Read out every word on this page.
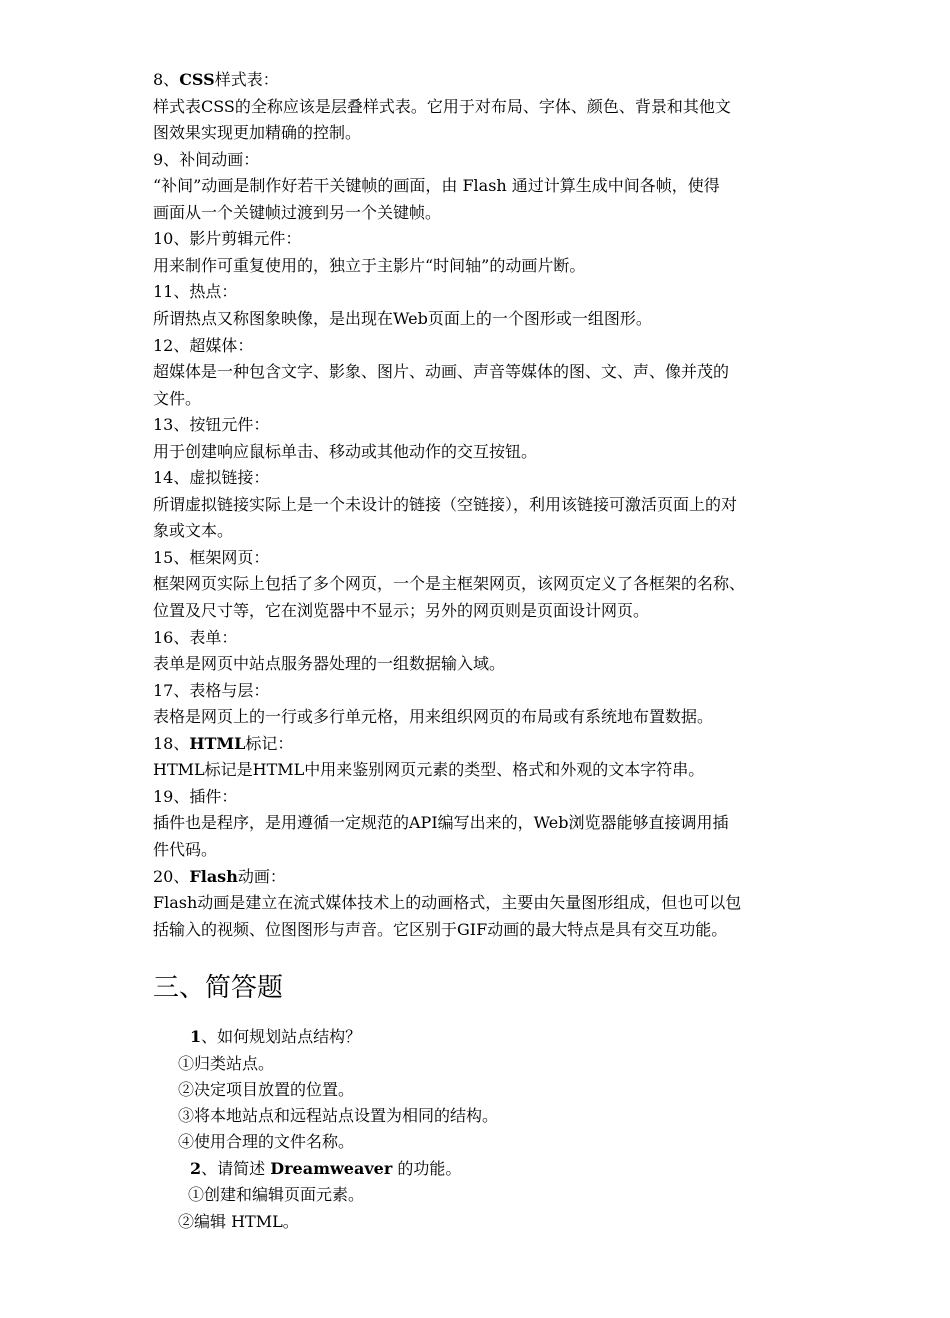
8、CSS样式表：
样式表CSS的全称应该是层叠样式表。它用于对布局、字体、颜色、背景和其他文
图效果实现更加精确的控制。
9、补间动画：
“补间”动画是制作好若干关键帧的画面，由 Flash 通过计算生成中间各帧，使得
画面从一个关键帧过渡到另一个关键帧。
10、影片剪辑元件：
用来制作可重复使用的，独立于主影片“时间轴”的动画片断。
11、热点：
所谓热点又称图象映像，是出现在Web页面上的一个图形或一组图形。
12、超媒体：
超媒体是一种包含文字、影象、图片、动画、声音等媒体的图、文、声、像并茂的
文件。
13、按钮元件：
用于创建响应鼠标单击、移动或其他动作的交互按钮。
14、虚拟链接：
所谓虚拟链接实际上是一个未设计的链接（空链接），利用该链接可激活页面上的对
象或文本。
15、框架网页：
框架网页实际上包括了多个网页，一个是主框架网页，该网页定义了各框架的名称、
位置及尺寸等，它在浏览器中不显示；另外的网页则是页面设计网页。
16、表单：
表单是网页中站点服务器处理的一组数据输入域。
17、表格与层：
表格是网页上的一行或多行单元格，用来组织网页的布局或有系统地布置数据。
18、HTML标记：
HTML标记是HTML中用来鉴别网页元素的类型、格式和外观的文本字符串。
19、插件：
插件也是程序，是用遵循一定规范的API编写出来的，Web浏览器能够直接调用插
件代码。
20、Flash动画：
Flash动画是建立在流式媒体技术上的动画格式，主要由矢量图形组成，但也可以包
括输入的视频、位图图形与声音。它区别于GIF动画的最大特点是具有交互功能。
三、简答题
1、如何规划站点结构？
①归类站点。
②决定项目放置的位置。
③将本地站点和远程站点设置为相同的结构。
④使用合理的文件名称。
2、请简述 Dreamweaver 的功能。
①创建和编辑页面元素。
②编辑 HTML。
